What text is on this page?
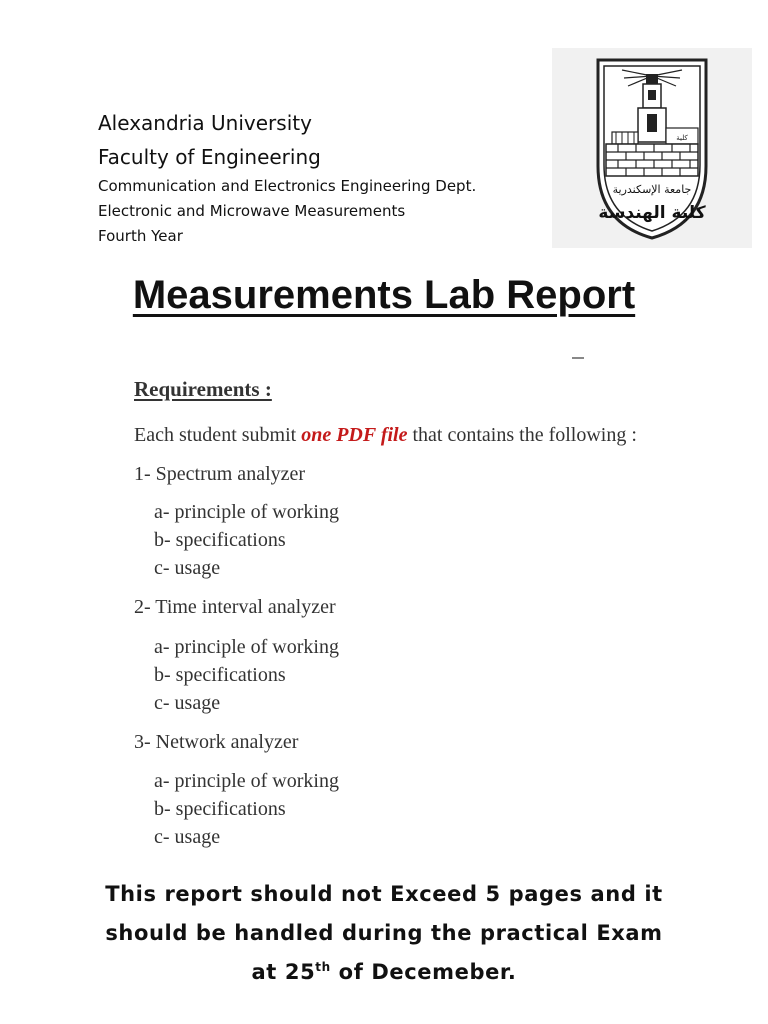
Alexandria University
Faculty of Engineering
Communication and Electronics Engineering Dept.
Electronic and Microwave Measurements
Fourth Year
كلية
جامعة الإسكندرية
كلية الهندسة
Measurements Lab Report
Requirements :
Each student submit one PDF file that contains the following :
1- Spectrum analyzer
a- principle of working
b- specifications
c- usage
2- Time interval analyzer
a- principle of working
b- specifications
c- usage
3- Network analyzer
a- principle of working
b- specifications
c- usage
This report should not Exceed 5 pages and it
should be handled during the practical Exam
at 25th of Decemeber.
